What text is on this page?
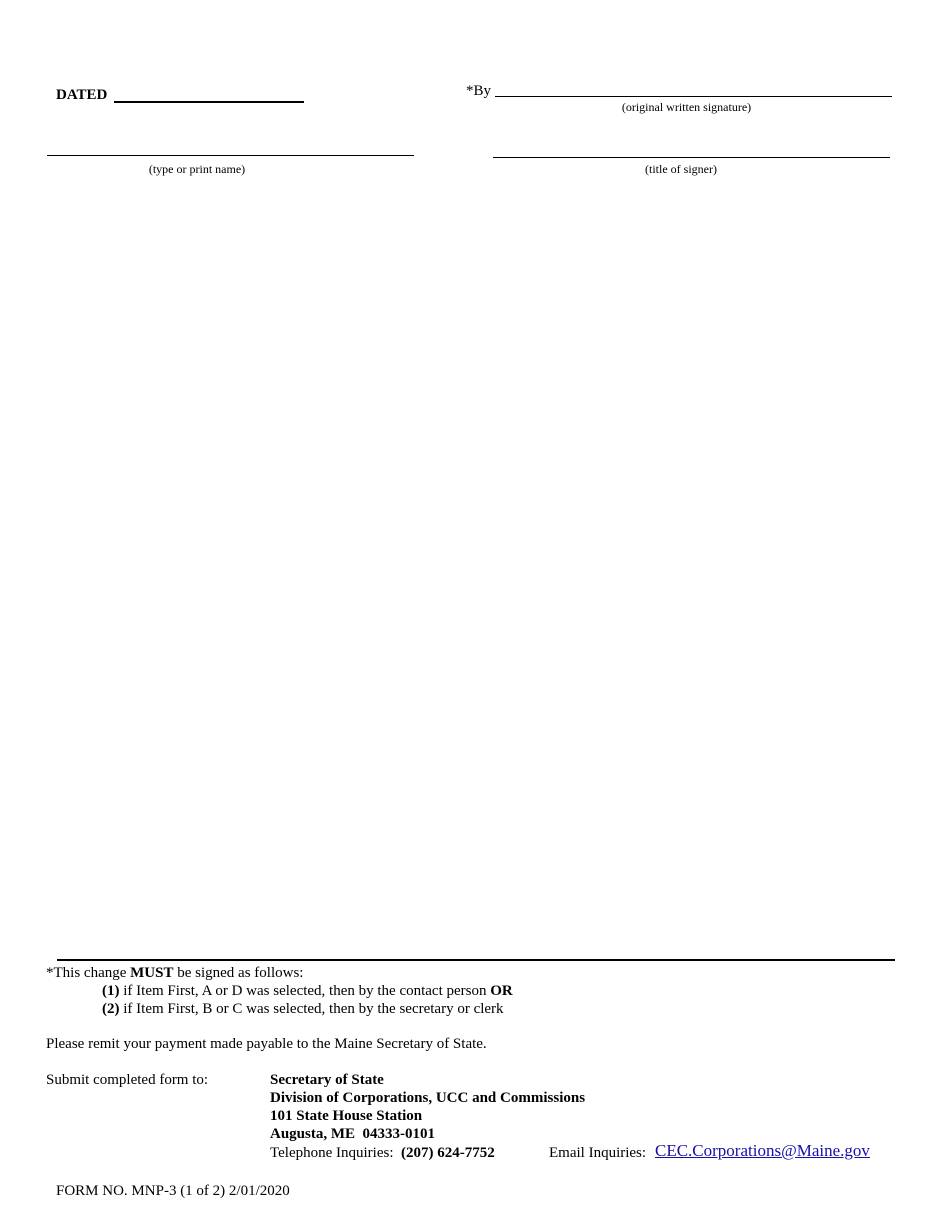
DATED	*By
(original written signature)
(type or print name)	(title of signer)
*This change MUST be signed as follows:
(1) if Item First, A or D was selected, then by the contact person OR
(2) if Item First, B or C was selected, then by the secretary or clerk
Please remit your payment made payable to the Maine Secretary of State.
Submit completed form to:	Secretary of State
Division of Corporations, UCC and Commissions
101 State House Station
Augusta, ME  04333-0101
Telephone Inquiries: (207) 624-7752	Email Inquiries: CEC.Corporations@Maine.gov
FORM NO. MNP-3 (1 of 2) 2/01/2020
